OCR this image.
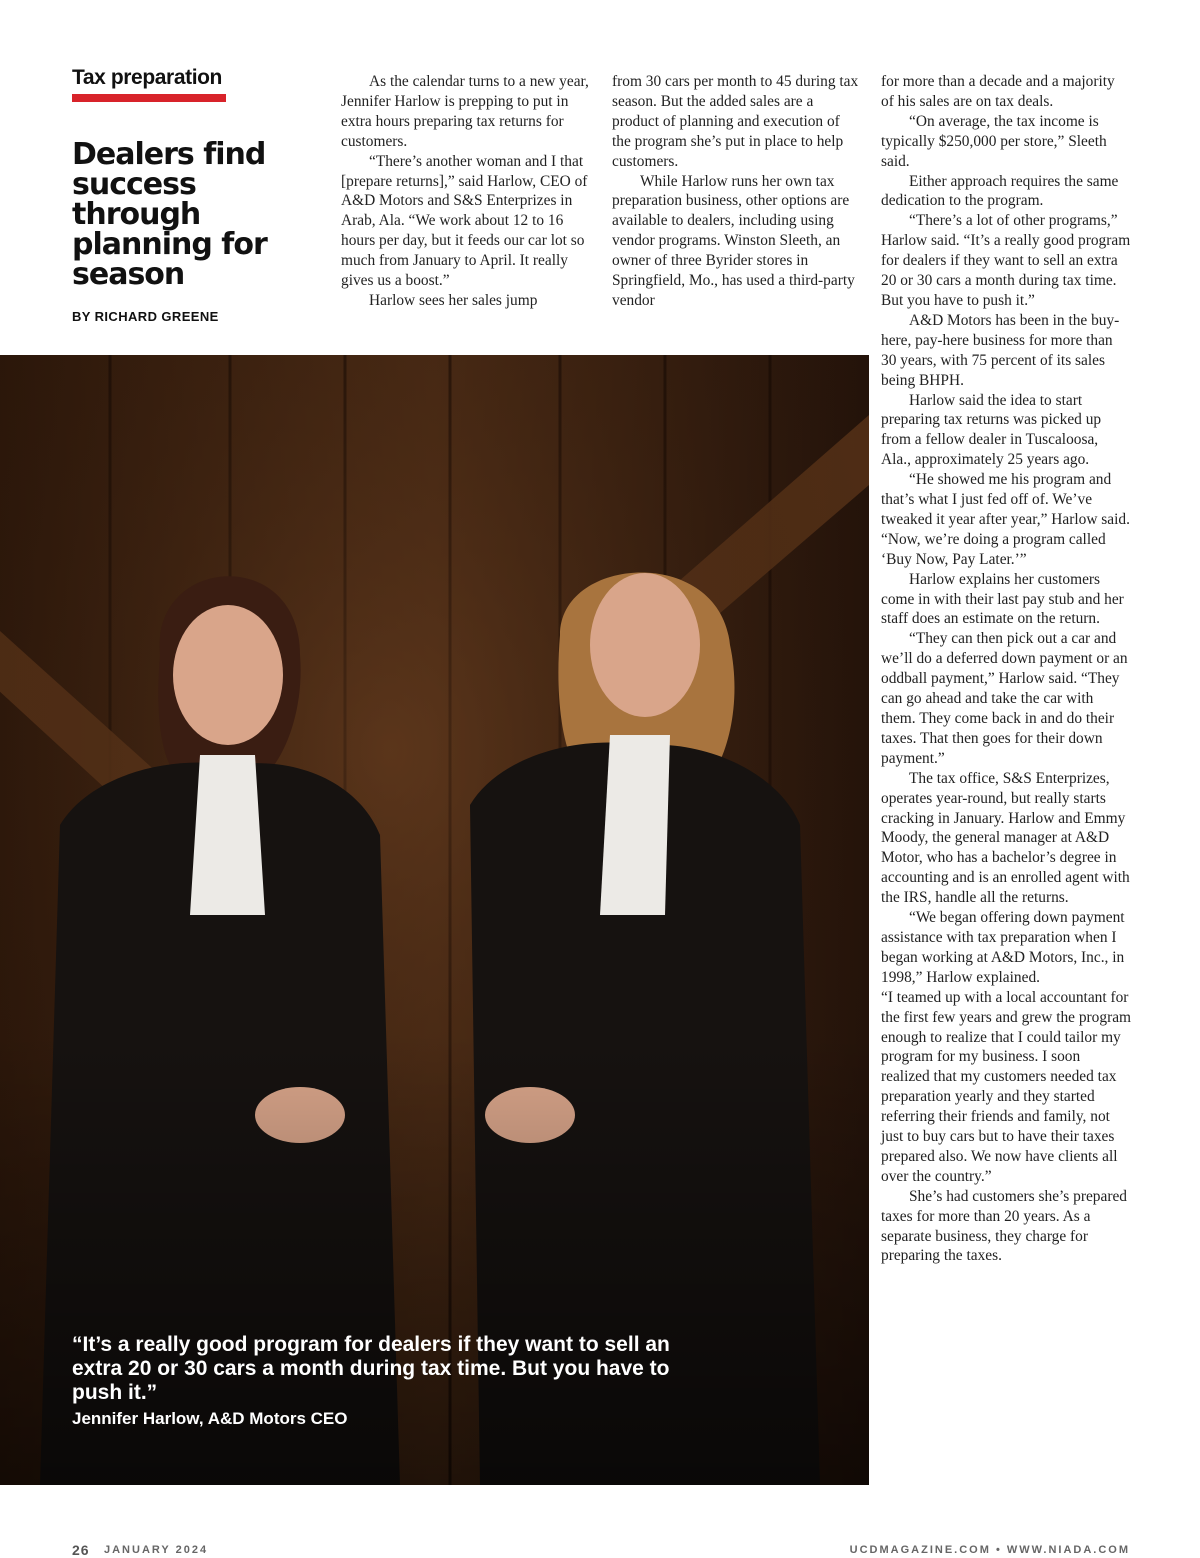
Tax preparation
Dealers find success through planning for season
BY RICHARD GREENE

As the calendar turns to a new year, Jennifer Harlow is prepping to put in extra hours preparing tax returns for customers.

“There’s another woman and I that [prepare returns],” said Harlow, CEO of A&D Motors and S&S Enterprizes in Arab, Ala. “We work about 12 to 16 hours per day, but it feeds our car lot so much from January to April. It really gives us a boost.”

Harlow sees her sales jump

from 30 cars per month to 45 during tax season. But the added sales are a product of planning and execution of the program she’s put in place to help customers.

While Harlow runs her own tax preparation business, other options are available to dealers, including using vendor programs. Winston Sleeth, an owner of three Byrider stores in Springfield, Mo., has used a third-party vendor

for more than a decade and a majority of his sales are on tax deals.

“On average, the tax income is typically $250,000 per store,” Sleeth said.

Either approach requires the same dedication to the program.

“There’s a lot of other programs,” Harlow said. “It’s a really good program for dealers if they want to sell an extra 20 or 30 cars a month during tax time. But you have to push it.”

A&D Motors has been in the buy-here, pay-here business for more than 30 years, with 75 percent of its sales being BHPH.

Harlow said the idea to start preparing tax returns was picked up from a fellow dealer in Tuscaloosa, Ala., approximately 25 years ago.

“He showed me his program and that’s what I just fed off of. We’ve tweaked it year after year,” Harlow said. “Now, we’re doing a program called ‘Buy Now, Pay Later.’”

Harlow explains her customers come in with their last pay stub and her staff does an estimate on the return.

“They can then pick out a car and we’ll do a deferred down payment or an oddball payment,” Harlow said. “They can go ahead and take the car with them. They come back in and do their taxes. That then goes for their down payment.”

The tax office, S&S Enterprizes, operates year-round, but really starts cracking in January. Harlow and Emmy Moody, the general manager at A&D Motor, who has a bachelor’s degree in accounting and is an enrolled agent with the IRS, handle all the returns.

“We began offering down payment assistance with tax preparation when I began working at A&D Motors, Inc., in 1998,” Harlow explained.

“I teamed up with a local accountant for the first few years and grew the program enough to realize that I could tailor my program for my business. I soon realized that my customers needed tax preparation yearly and they started referring their friends and family, not just to buy cars but to have their taxes prepared also. We now have clients all over the country.”

She’s had customers she’s prepared taxes for more than 20 years. As a separate business, they charge for preparing the taxes.

“It’s a really good program for dealers if they want to sell an extra 20 or 30 cars a month during tax time. But you have to push it.”

Jennifer Harlow, A&D Motors CEO
26 JANUARY 2024	UCDMAGAZINE.COM • WWW.NIADA.COM
